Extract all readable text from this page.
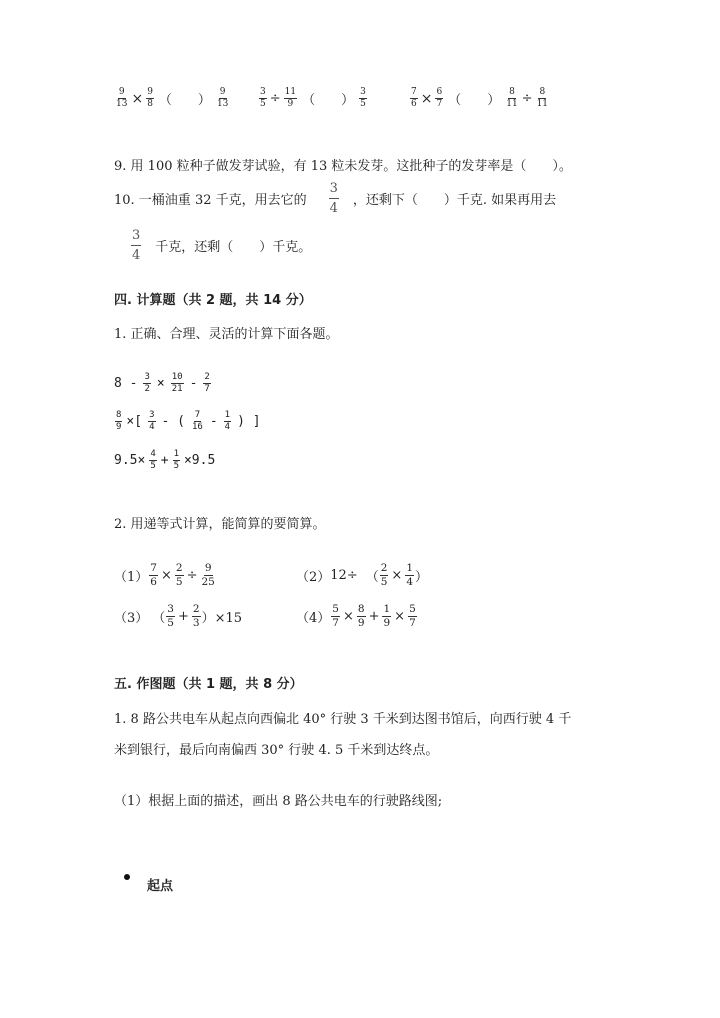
$\frac{9}{13} \times \frac{9}{8}$ （　　） $\frac{9}{13}$	$\frac{3}{5} \div \frac{11}{9}$ （　　） $\frac{3}{5}$	$\frac{7}{6} \times \frac{6}{7}$ （　　） $\frac{8}{11} \div \frac{8}{11}$
9. 用 100 粒种子做发芽试验，有 13 粒未发芽。这批种子的发芽率是（　　）。
10. 一桶油重 32 千克，用去它的 $\frac{3}{4}$ ，还剩下（　　）千克. 如果再用去
$\frac{3}{4}$ 千克，还剩（　　）千克。
四. 计算题（共 2 题，共 14 分）
1. 正确、合理、灵活的计算下面各题。
$8 - \frac{3}{2} \times \frac{10}{21} - \frac{2}{7}$
$\frac{8}{9}$ ×[ $\frac{3}{4}$ - ( $\frac{7}{16} - \frac{1}{4}$ ) ]
$9.5\times \frac{4}{5} + \frac{1}{5} \times 9.5$
2. 用递等式计算，能简算的要简算。
$(1) \frac{7}{6} \times \frac{2}{5} \div \frac{9}{25}$	（2） 12÷ （ $\frac{2}{5} \times \frac{1}{4}$ ）
（3） （ $\frac{3}{5} + \frac{2}{3} )\times 15$	$(4) \frac{5}{7} \times \frac{8}{9} + \frac{1}{9} \times \frac{5}{7}$
五. 作图题（共 1 题，共 8 分）
1. 8 路公共电车从起点向西偏北 40° 行驶 3 千米到达图书馆后，向西行驶 4 千
米到银行，最后向南偏西 30° 行驶 4. 5 千米到达终点。
（1）根据上面的描述，画出 8 路公共电车的行驶路线图;
起点
